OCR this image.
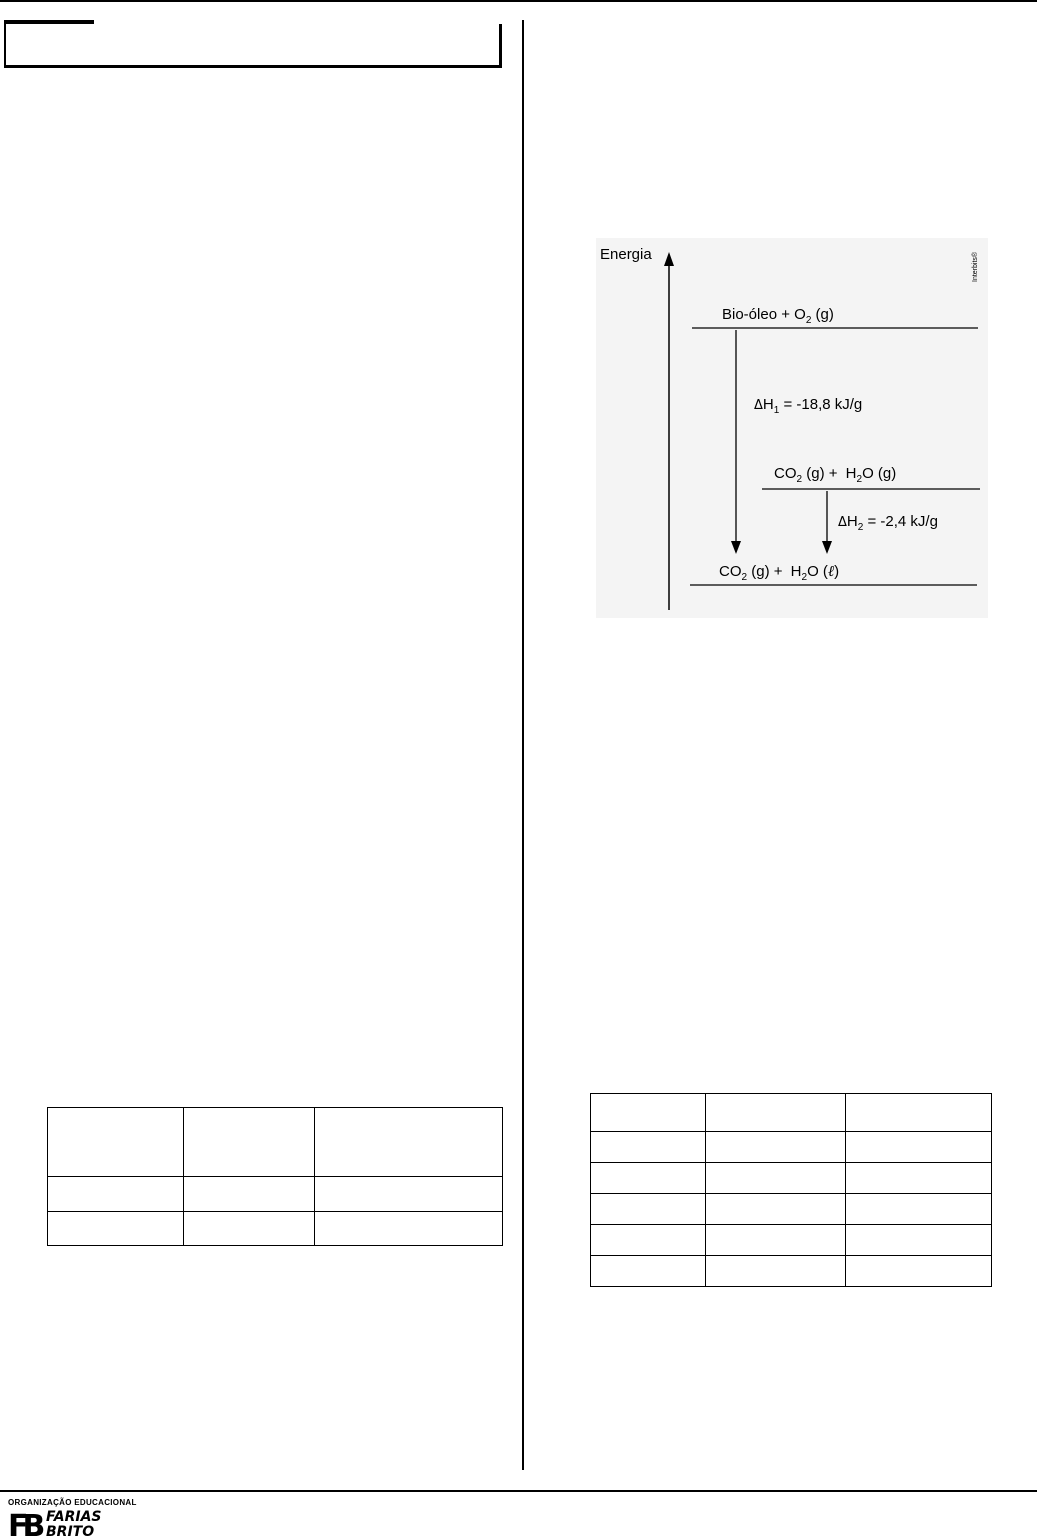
Energia	Interbits®
Bio-óleo + $O_2$ (g)
$CO_2$ $(g) + H_2O$ (g)
$CO_2$ $(g) + H_2O$ (ℓ)
$\Delta H_1 = -18,8$ kJ/g
$\Delta H_2 = -2,4$ kJ/g

ORGANIZAÇÃO EDUCACIONAL
FB FARIAS
BRITO
